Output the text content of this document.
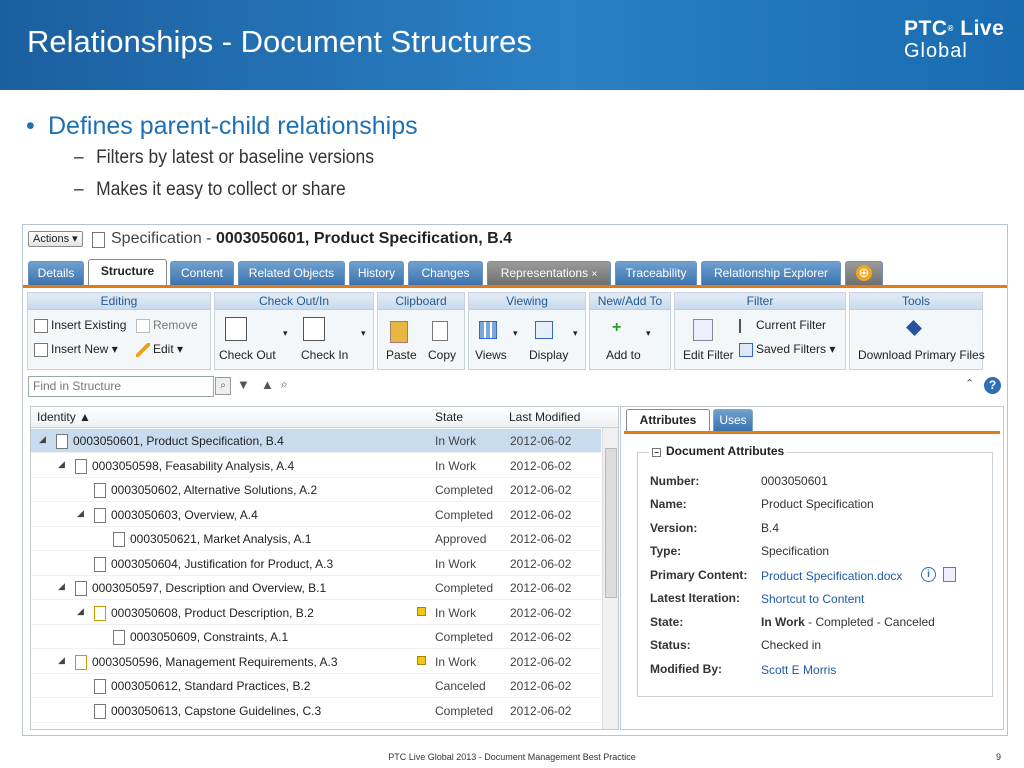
Relationships - Document Structures	PTC® Live
Global
• Defines parent-child relationships
– Filters by latest or baseline versions
– Makes it easy to collect or share
Actions ▾	Specification - 0003050601, Product Specification, B.4
Details	Structure	Content	Related Objects	History	Changes	Representations ×	Traceability	Relationship Explorer	⊕
Editing
Insert Existing	Remove
Insert New ▾	Edit ▾
Check Out/In
Check Out
▾
Check In
▾
Clipboard
Paste Copy
Viewing
Views
▾
Display
▾
New/Add To
+
Add to
▾
Filter
Edit Filter
Current Filter
Saved Filters ▾
Tools
Download Primary Files
Find in Structure	⌕ ▼ ▲ ⌕	⌃	?
Identity ▲	State	Last Modified
◢ 0003050601, Product Specification, B.4	In Work	2012-06-02
◢ 0003050598, Feasability Analysis, A.4	In Work	2012-06-02
0003050602, Alternative Solutions, A.2	Completed 2012-06-02
◢ 0003050603, Overview, A.4	Completed 2012-06-02
0003050621, Market Analysis, A.1	Approved 2012-06-02
0003050604, Justification for Product, A.3	In Work	2012-06-02
◢ 0003050597, Description and Overview, B.1	Completed 2012-06-02
◢ 0003050608, Product Description, B.2	In Work	2012-06-02
0003050609, Constraints, A.1	Completed 2012-06-02
◢ 0003050596, Management Requirements, A.3	In Work	2012-06-02
0003050612, Standard Practices, B.2	Canceled 2012-06-02
0003050613, Capstone Guidelines, C.3	Completed 2012-06-02
Attributes	Uses
− Document Attributes
Number:	0003050601
Name:	Product Specification
Version:	B.4
Type:	Specification
Primary Content: Product Specification.docx	i
Latest Iteration: Shortcut to Content
State:	In Work - Completed - Canceled
Status:	Checked in
Modified By:	Scott E Morris
PTC Live Global 2013 - Document Management Best Practice	9
